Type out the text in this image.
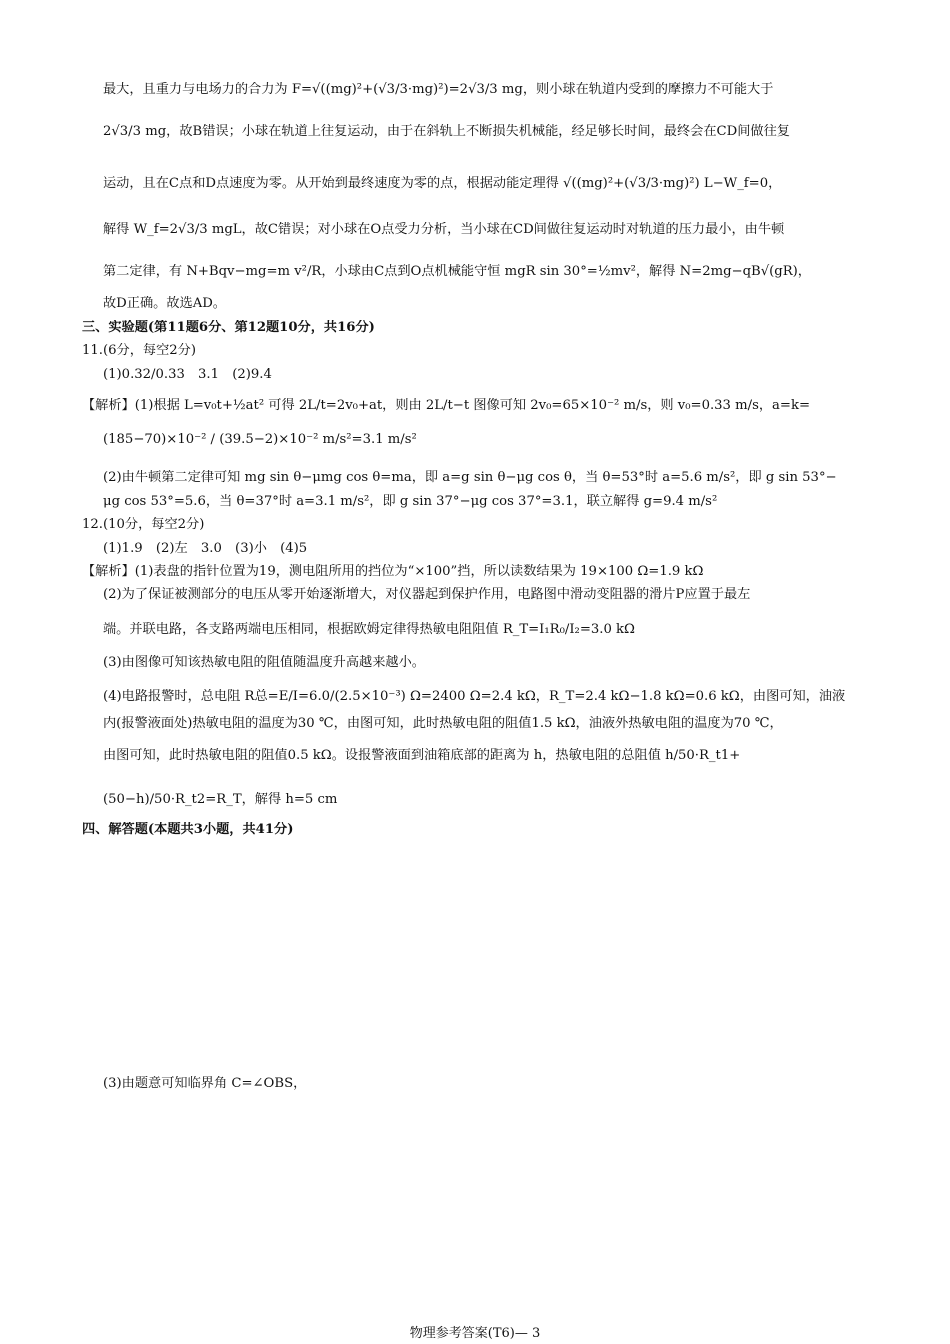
最大，且重力与电场力的合力为 F=√((mg)²+(√3/3·mg)²)=2√3/3 mg，则小球在轨道内受到的摩擦力不可能大于
2√3/3 mg，故B错误；小球在轨道上往复运动，由于在斜轨上不断损失机械能，经足够长时间，最终会在CD间做往复
运动，且在C点和D点速度为零。从开始到最终速度为零的点，根据动能定理得 √((mg)²+(√3/3·mg)²) L−W_f=0，
解得 W_f=2√3/3 mgL，故C错误；对小球在O点受力分析，当小球在CD间做往复运动时对轨道的压力最小，由牛顿
第二定律，有 N+Bqv−mg=m v²/R，小球由C点到O点机械能守恒 mgR sin 30°=½mv²，解得 N=2mg−qB√(gR)，
故D正确。故选AD。
三、实验题(第11题6分、第12题10分，共16分)
11.(6分，每空2分)
(1)0.32/0.33　3.1　(2)9.4
【解析】(1)根据 L=v₀t+½at² 可得 2L/t=2v₀+at，则由 2L/t−t 图像可知 2v₀=65×10⁻² m/s，则 v₀=0.33 m/s，a=k=
(185−70)×10⁻² / (39.5−2)×10⁻² m/s²=3.1 m/s²
(2)由牛顿第二定律可知 mg sin θ−μmg cos θ=ma，即 a=g sin θ−μg cos θ，当 θ=53°时 a=5.6 m/s²，即 g sin 53°−
μg cos 53°=5.6，当 θ=37°时 a=3.1 m/s²，即 g sin 37°−μg cos 37°=3.1，联立解得 g=9.4 m/s²
12.(10分，每空2分)
(1)1.9　(2)左　3.0　(3)小　(4)5
【解析】(1)表盘的指针位置为19，测电阻所用的挡位为“×100”挡，所以读数结果为 19×100 Ω=1.9 kΩ
(2)为了保证被测部分的电压从零开始逐渐增大，对仪器起到保护作用，电路图中滑动变阻器的滑片P应置于最左
端。并联电路，各支路两端电压相同，根据欧姆定律得热敏电阻阻值 R_T=I₁R₀/I₂=3.0 kΩ
(3)由图像可知该热敏电阻的阻值随温度升高越来越小。
(4)电路报警时，总电阻 R总=E/I=6.0/(2.5×10⁻³) Ω=2400 Ω=2.4 kΩ，R_T=2.4 kΩ−1.8 kΩ=0.6 kΩ，由图可知，油液
内(报警液面处)热敏电阻的温度为30 ℃，由图可知，此时热敏电阻的阻值1.5 kΩ，油液外热敏电阻的温度为70 ℃，
由图可知，此时热敏电阻的阻值0.5 kΩ。设报警液面到油箱底部的距离为 h，热敏电阻的总阻值 h/50·R_t1+
(50−h)/50·R_t2=R_T，解得 h=5 cm
四、解答题(本题共3小题，共41分)
(3)由题意可知临界角 C=∠OBS，
物理参考答案(T6)— 3
